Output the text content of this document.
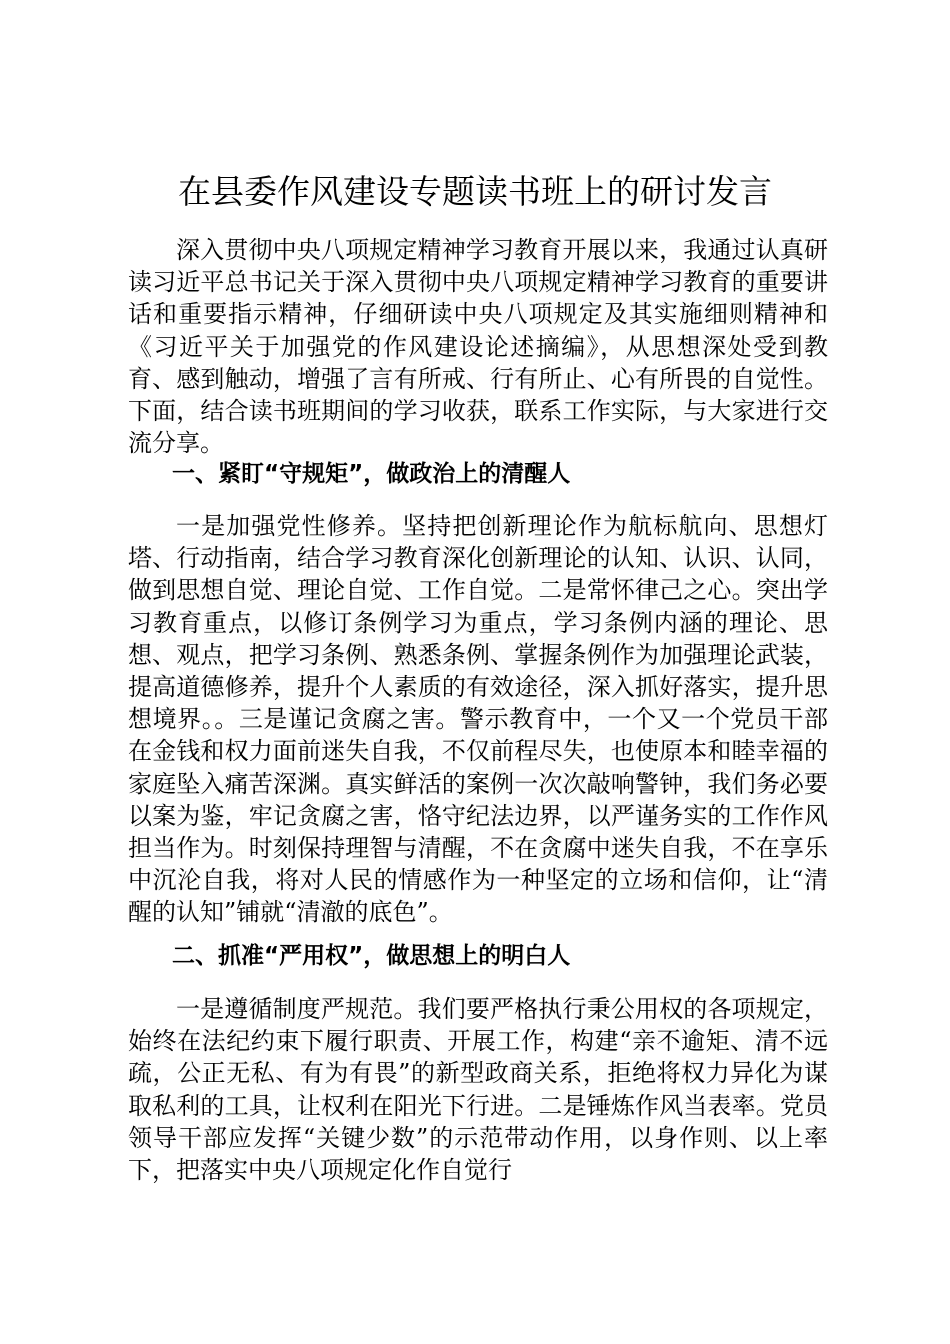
在县委作风建设专题读书班上的研讨发言

深入贯彻中央八项规定精神学习教育开展以来，我通过认真研读习近平总书记关于深入贯彻中央八项规定精神学习教育的重要讲话和重要指示精神，仔细研读中央八项规定及其实施细则精神和《习近平关于加强党的作风建设论述摘编》，从思想深处受到教育、感到触动，增强了言有所戒、行有所止、心有所畏的自觉性。下面，结合读书班期间的学习收获，联系工作实际，与大家进行交流分享。

一、紧盯“守规矩”，做政治上的清醒人

一是加强党性修养。坚持把创新理论作为航标航向、思想灯塔、行动指南，结合学习教育深化创新理论的认知、认识、认同，做到思想自觉、理论自觉、工作自觉。二是常怀律己之心。突出学习教育重点，以修订条例学习为重点，学习条例内涵的理论、思想、观点，把学习条例、熟悉条例、掌握条例作为加强理论武装，提高道德修养，提升个人素质的有效途径，深入抓好落实，提升思想境界。。三是谨记贪腐之害。警示教育中，一个又一个党员干部在金钱和权力面前迷失自我，不仅前程尽失，也使原本和睦幸福的家庭坠入痛苦深渊。真实鲜活的案例一次次敲响警钟，我们务必要以案为鉴，牢记贪腐之害，恪守纪法边界，以严谨务实的工作作风担当作为。时刻保持理智与清醒，不在贪腐中迷失自我，不在享乐中沉沦自我，将对人民的情感作为一种坚定的立场和信仰，让“清醒的认知”铺就“清澈的底色”。

二、抓准“严用权”，做思想上的明白人

一是遵循制度严规范。我们要严格执行秉公用权的各项规定，始终在法纪约束下履行职责、开展工作，构建“亲不逾矩、清不远疏，公正无私、有为有畏”的新型政商关系，拒绝将权力异化为谋取私利的工具，让权利在阳光下行进。二是锤炼作风当表率。党员领导干部应发挥“关键少数”的示范带动作用，以身作则、以上率下，把落实中央八项规定化作自觉行
